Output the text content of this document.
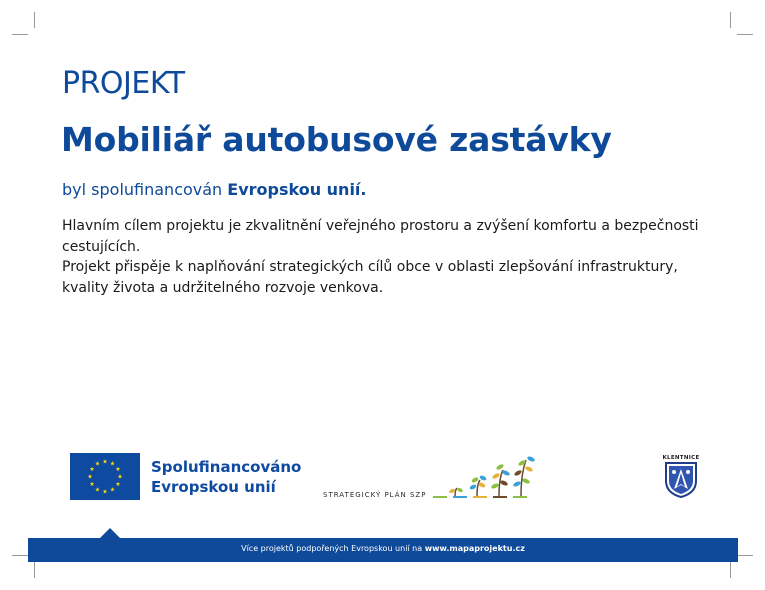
PROJEKT
Mobiliář autobusové zastávky
byl spolufinancován Evropskou unií.

Hlavním cílem projektu je zkvalitnění veřejného prostoru a zvýšení komfortu a bezpečnosti cestujících.

Projekt přispěje k naplňování strategických cílů obce v oblasti zlepšování infrastruktury, kvality života a udržitelného rozvoje venkova.

Spolufinancováno
Evropskou unií	STRATEGICKÝ PLÁN SZP
KLENTNICE
Více projektů podpořených Evropskou unií na www.mapaprojektu.cz
